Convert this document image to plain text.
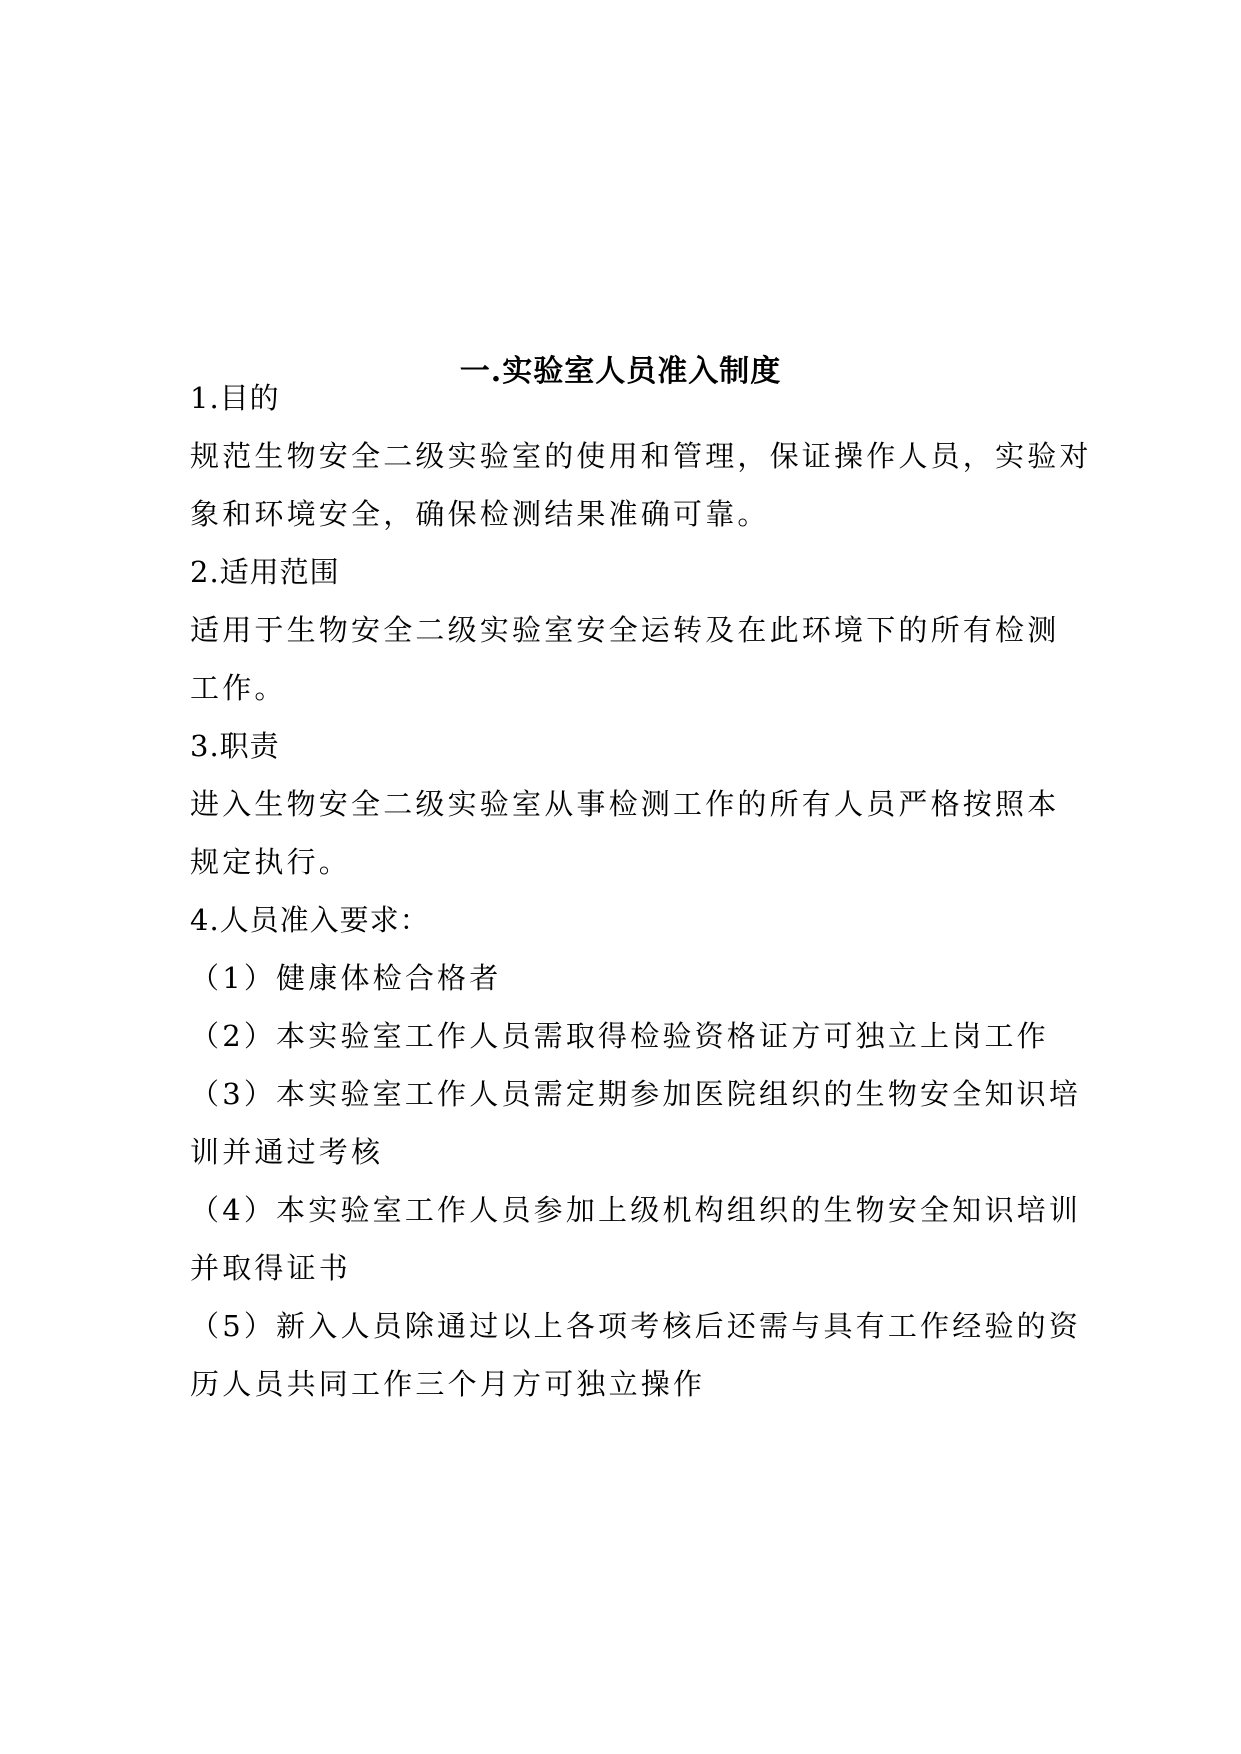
一.实验室人员准入制度
1.目的
规范生物安全二级实验室的使用和管理，保证操作人员，实验对
象和环境安全，确保检测结果准确可靠。
2.适用范围
适用于生物安全二级实验室安全运转及在此环境下的所有检测
工作。
3.职责
进入生物安全二级实验室从事检测工作的所有人员严格按照本
规定执行。
4.人员准入要求：
（1）健康体检合格者
（2）本实验室工作人员需取得检验资格证方可独立上岗工作
（3）本实验室工作人员需定期参加医院组织的生物安全知识培
训并通过考核
（4）本实验室工作人员参加上级机构组织的生物安全知识培训
并取得证书
（5）新入人员除通过以上各项考核后还需与具有工作经验的资
历人员共同工作三个月方可独立操作
